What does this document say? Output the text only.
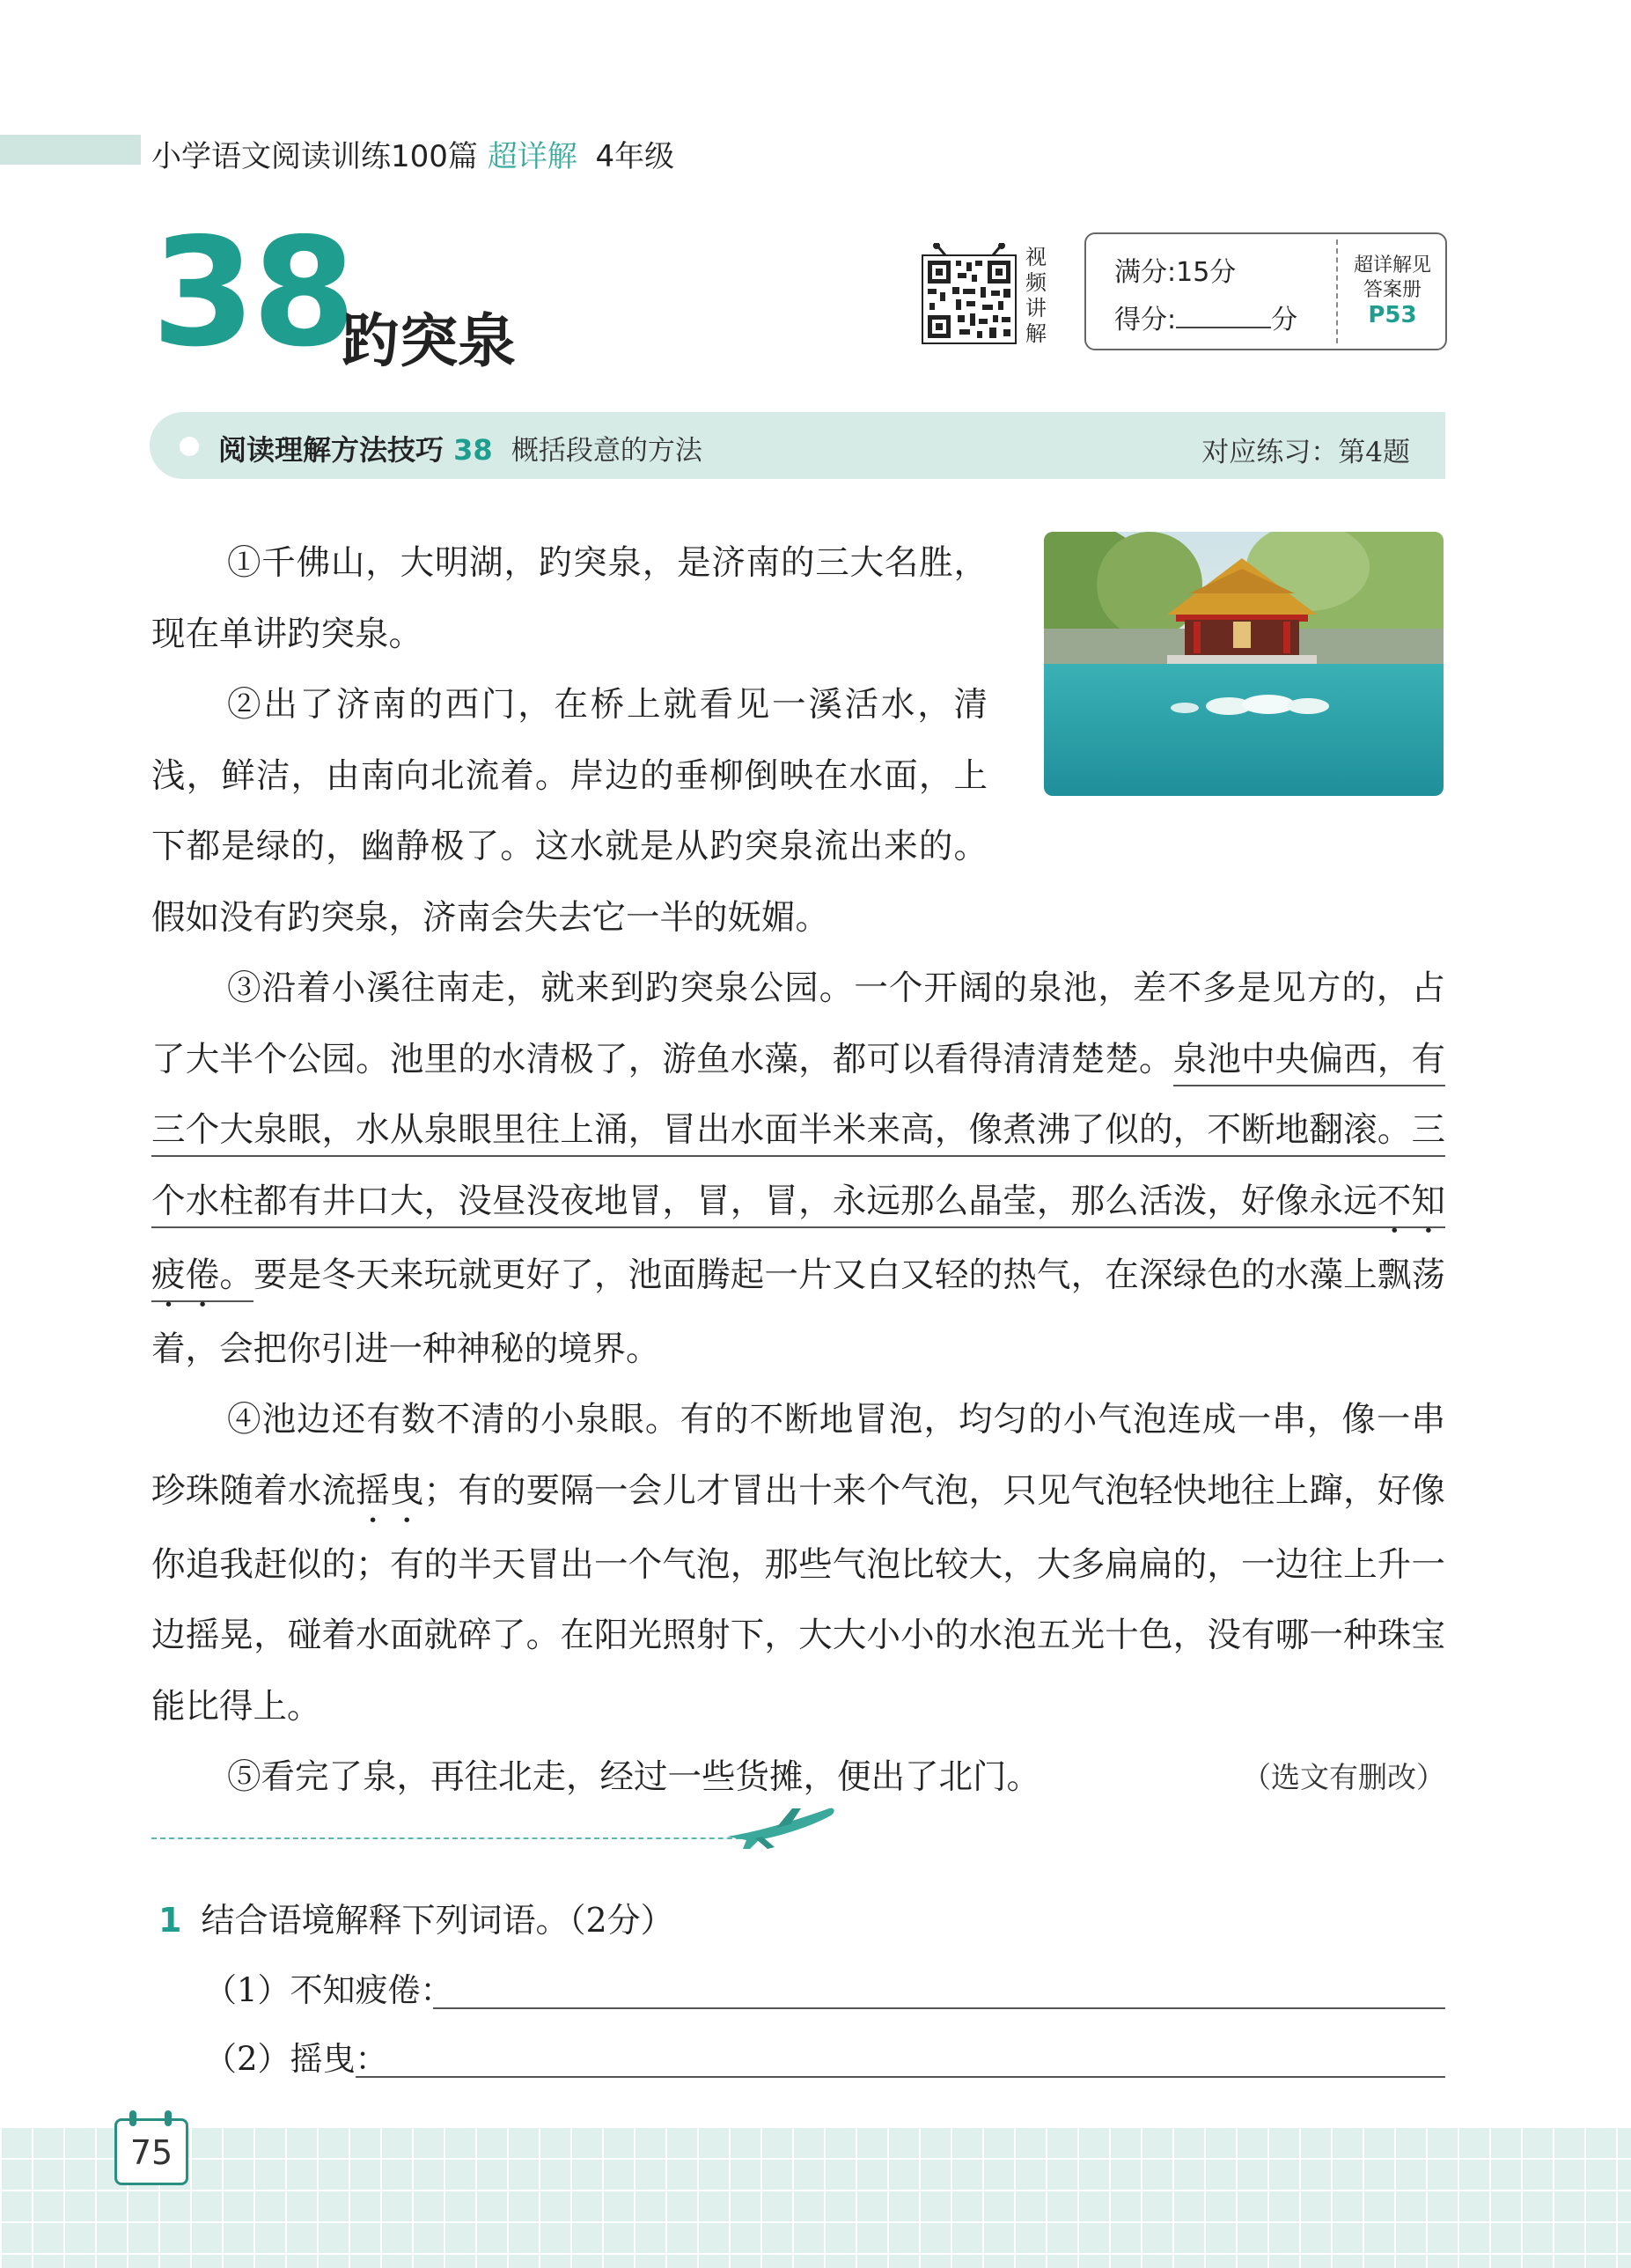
小学语文阅读训练100篇 超详解 4年级
38
趵突泉
视频讲解
满分:15分
得分:	分
超详解见
答案册
P53
阅读理解方法技巧 38 概括段意的方法	对应练习：第4题

①千佛山，大明湖，趵突泉，是济南的三大名胜，现在单讲趵突泉。

②出了济南的西门，在桥上就看见一溪活水，清浅，鲜洁，由南向北流着。岸边的垂柳倒映在水面，上下都是绿的，幽静极了。这水就是从趵突泉流出来的。假如没有趵突泉，济南会失去它一半的妩媚。

③沿着小溪往南走，就来到趵突泉公园。一个开阔的泉池，差不多是见方的，占了大半个公园。池里的水清极了，游鱼水藻，都可以看得清清楚楚。泉池中央偏西，有三个大泉眼，水从泉眼里往上涌，冒出水面半米来高，像煮沸了似的，不断地翻滚。三个水柱都有井口大，没昼没夜地冒，冒，冒，永远那么晶莹，那么活泼，好像永远不知疲倦。要是冬天来玩就更好了，池面腾起一片又白又轻的热气，在深绿色的水藻上飘荡着，会把你引进一种神秘的境界。

④池边还有数不清的小泉眼。有的不断地冒泡，均匀的小气泡连成一串，像一串珍珠随着水流摇曳；有的要隔一会儿才冒出十来个气泡，只见气泡轻快地往上蹿，好像你追我赶似的；有的半天冒出一个气泡，那些气泡比较大，大多扁扁的，一边往上升一边摇晃，碰着水面就碎了。在阳光照射下，大大小小的水泡五光十色，没有哪一种珠宝能比得上。

⑤看完了泉，再往北走，经过一些货摊，便出了北门。	（选文有删改）

1 结合语境解释下列词语。（2分）
（1）不知疲倦：
（2）摇曳：
75
